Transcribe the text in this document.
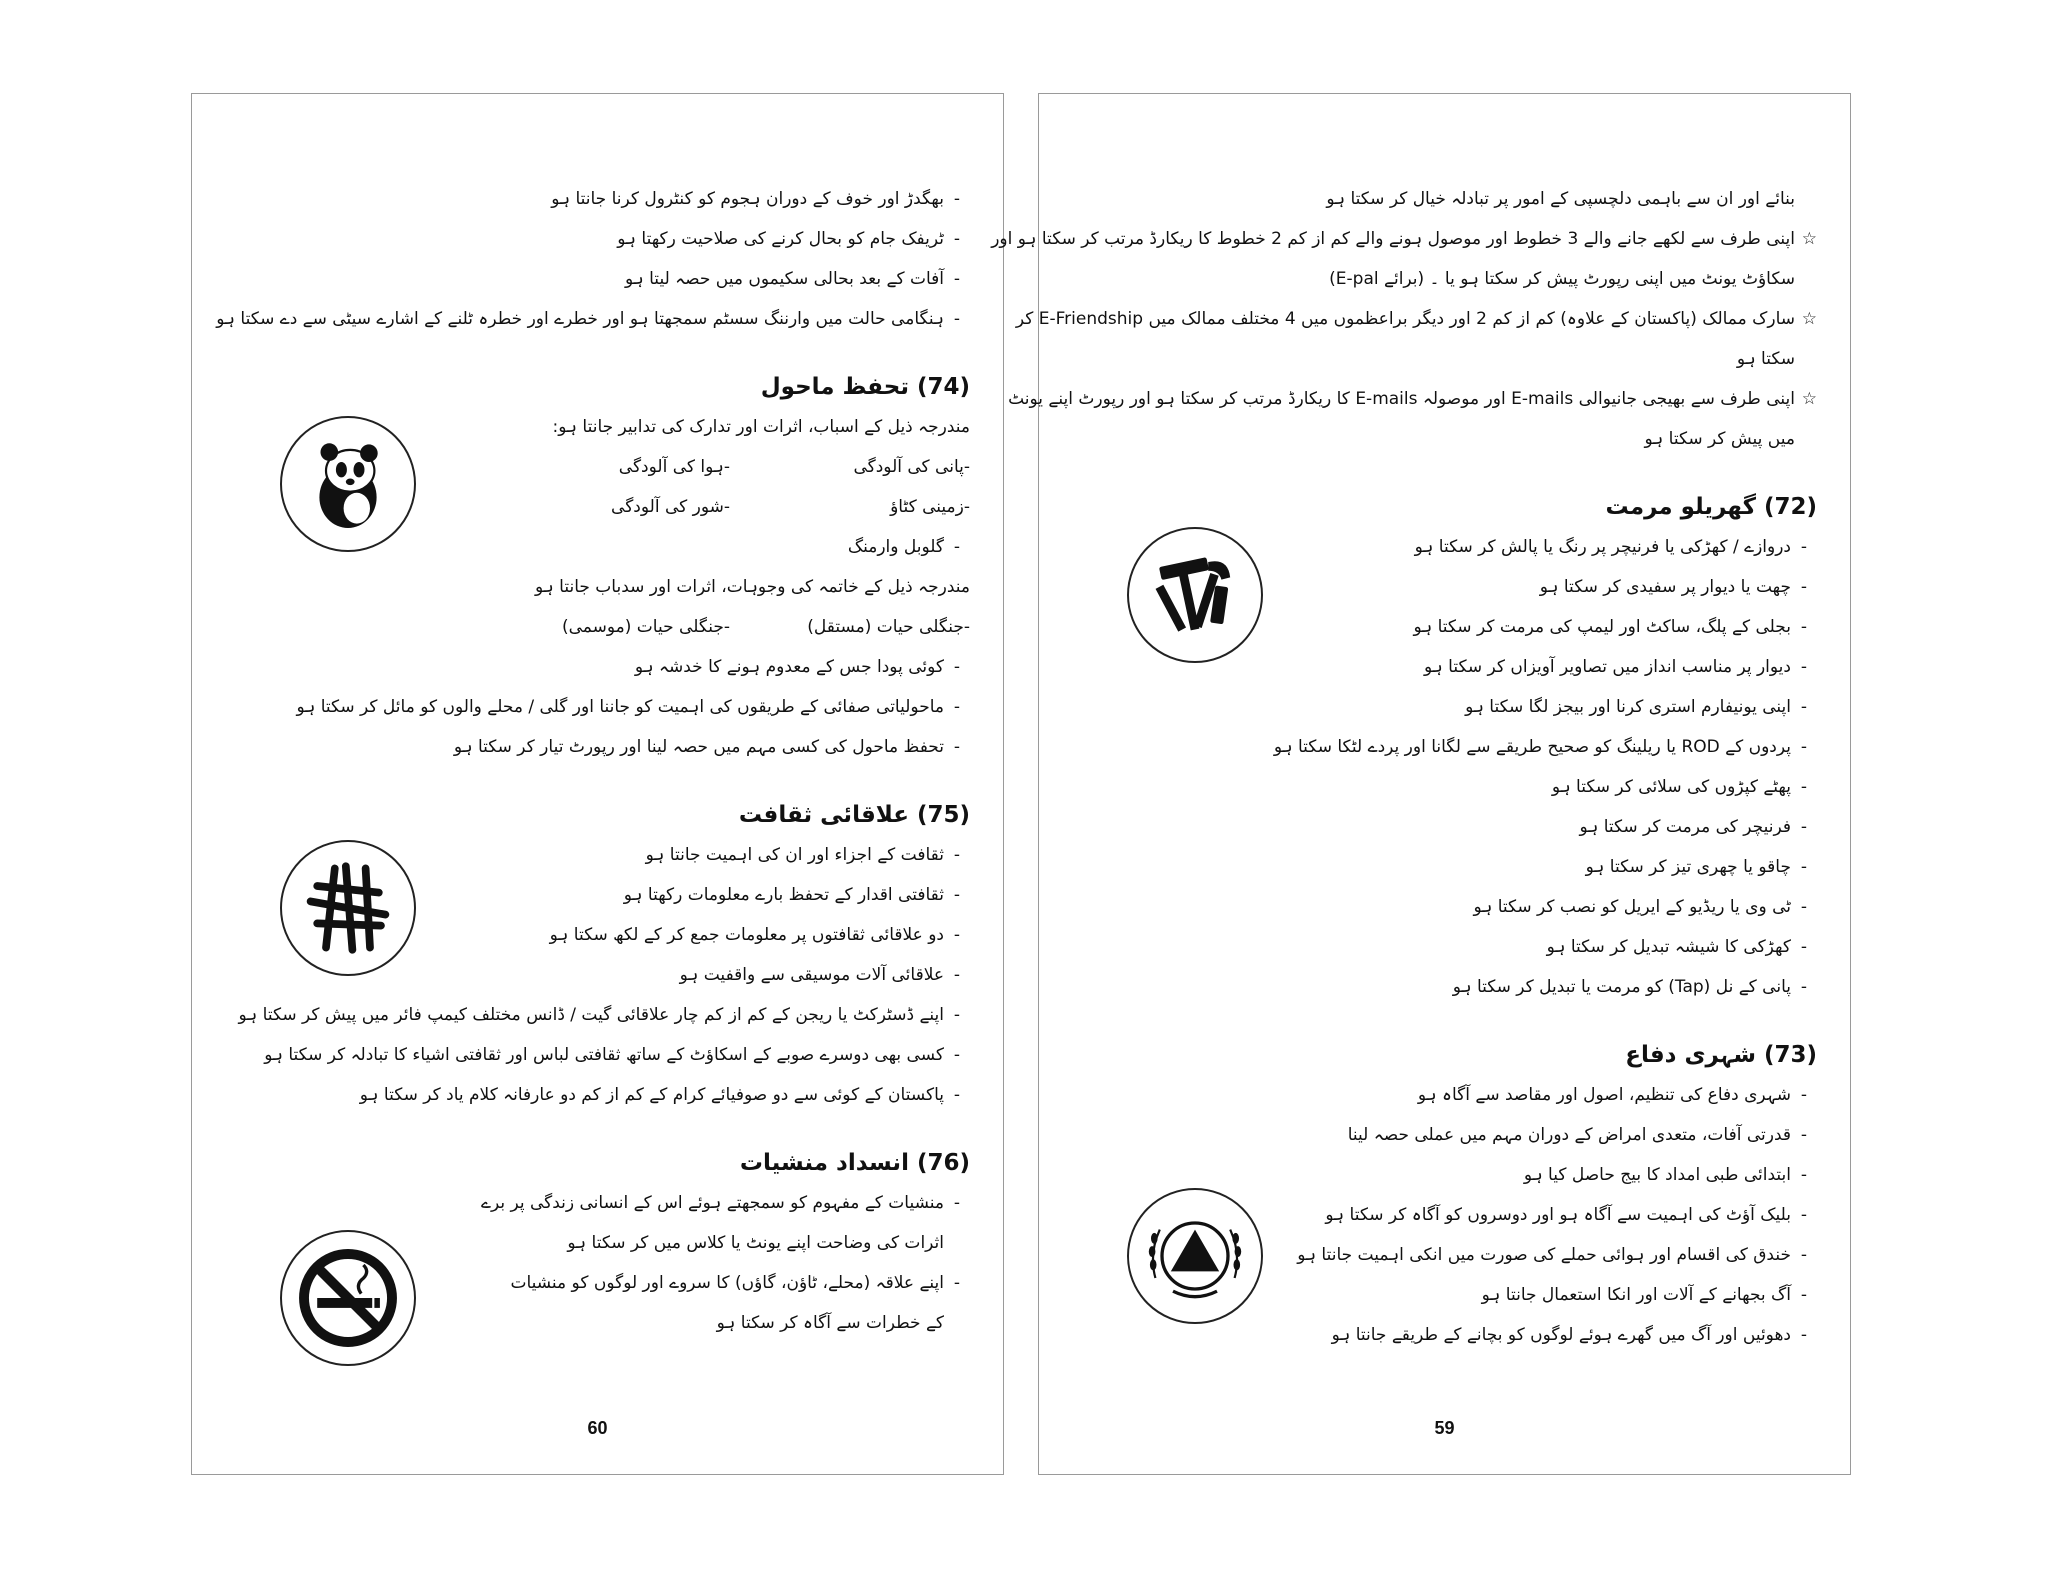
-بھگدڑ اور خوف کے دوران ہجوم کو کنٹرول کرنا جانتا ہو
-ٹریفک جام کو بحال کرنے کی صلاحیت رکھتا ہو
-آفات کے بعد بحالی سکیموں میں حصہ لیتا ہو
-ہنگامی حالت میں وارننگ سسٹم سمجھتا ہو اور خطرے اور خطرہ ٹلنے کے اشارے سیٹی سے دے سکتا ہو
(74) تحفظ ماحول
مندرجہ ذیل کے اسباب، اثرات اور تدارک کی تدابیر جانتا ہو:
-پانی کی آلودگی
-ہوا کی آلودگی
-زمینی کٹاؤ
-شور کی آلودگی
-گلوبل وارمنگ
مندرجہ ذیل کے خاتمہ کی وجوہات، اثرات اور سدباب جانتا ہو
-جنگلی حیات (مستقل)
-جنگلی حیات (موسمی)
-کوئی پودا جس کے معدوم ہونے کا خدشہ ہو
-ماحولیاتی صفائی کے طریقوں کی اہمیت کو جاننا اور گلی / محلے والوں کو مائل کر سکتا ہو
-تحفظ ماحول کی کسی مہم میں حصہ لینا اور رپورٹ تیار کر سکتا ہو
(75) علاقائی ثقافت
-ثقافت کے اجزاء اور ان کی اہمیت جانتا ہو
-ثقافتی اقدار کے تحفظ بارے معلومات رکھتا ہو
-دو علاقائی ثقافتوں پر معلومات جمع کر کے لکھ سکتا ہو
-علاقائی آلات موسیقی سے واقفیت ہو
-اپنے ڈسٹرکٹ یا ریجن کے کم از کم چار علاقائی گیت / ڈانس مختلف کیمپ فائر میں پیش کر سکتا ہو
-کسی بھی دوسرے صوبے کے اسکاؤٹ کے ساتھ ثقافتی لباس اور ثقافتی اشیاء کا تبادلہ کر سکتا ہو
-پاکستان کے کوئی سے دو صوفیائے کرام کے کم از کم دو عارفانہ کلام یاد کر سکتا ہو
(76) انسداد منشیات
-منشیات کے مفہوم کو سمجھتے ہوئے اس کے انسانی زندگی پر برے
اثرات کی وضاحت اپنے یونٹ یا کلاس میں کر سکتا ہو
-اپنے علاقہ (محلے، ٹاؤن، گاؤں) کا سروے اور لوگوں کو منشیات
کے خطرات سے آگاہ کر سکتا ہو
60
بنائے اور ان سے باہمی دلچسپی کے امور پر تبادلہ خیال کر سکتا ہو
☆
اپنی طرف سے لکھے جانے والے 3 خطوط اور موصول ہونے والے کم از کم 2 خطوط کا ریکارڈ مرتب کر سکتا ہو اور
سکاؤٹ یونٹ میں اپنی رپورٹ پیش کر سکتا ہو یا ۔ (برائے E-pal)
☆
سارک ممالک (پاکستان کے علاوہ) کم از کم 2 اور دیگر براعظموں میں 4 مختلف ممالک میں E-Friendship کر
سکتا ہو
☆
اپنی طرف سے بھیجی جانیوالی E-mails اور موصولہ E-mails کا ریکارڈ مرتب کر سکتا ہو اور رپورٹ اپنے یونٹ
میں پیش کر سکتا ہو
(72) گھریلو مرمت
-دروازے / کھڑکی یا فرنیچر پر رنگ یا پالش کر سکتا ہو
-چھت یا دیوار پر سفیدی کر سکتا ہو
-بجلی کے پلگ، ساکٹ اور لیمپ کی مرمت کر سکتا ہو
-دیوار پر مناسب انداز میں تصاویر آویزاں کر سکتا ہو
-اپنی یونیفارم استری کرنا اور بیجز لگا سکتا ہو
-پردوں کے ROD یا ریلینگ کو صحیح طریقے سے لگانا اور پردے لٹکا سکتا ہو
-پھٹے کپڑوں کی سلائی کر سکتا ہو
-فرنیچر کی مرمت کر سکتا ہو
-چاقو یا چھری تیز کر سکتا ہو
-ٹی وی یا ریڈیو کے ایریل کو نصب کر سکتا ہو
-کھڑکی کا شیشہ تبدیل کر سکتا ہو
-پانی کے نل (Tap) کو مرمت یا تبدیل کر سکتا ہو
(73) شہری دفاع
-شہری دفاع کی تنظیم، اصول اور مقاصد سے آگاہ ہو
-قدرتی آفات، متعدی امراض کے دوران مہم میں عملی حصہ لینا
-ابتدائی طبی امداد کا بیج حاصل کیا ہو
-بلیک آؤٹ کی اہمیت سے آگاہ ہو اور دوسروں کو آگاہ کر سکتا ہو
-خندق کی اقسام اور ہوائی حملے کی صورت میں انکی اہمیت جانتا ہو
-آگ بجھانے کے آلات اور انکا استعمال جانتا ہو
-دھوئیں اور آگ میں گھرے ہوئے لوگوں کو بچانے کے طریقے جانتا ہو
59
